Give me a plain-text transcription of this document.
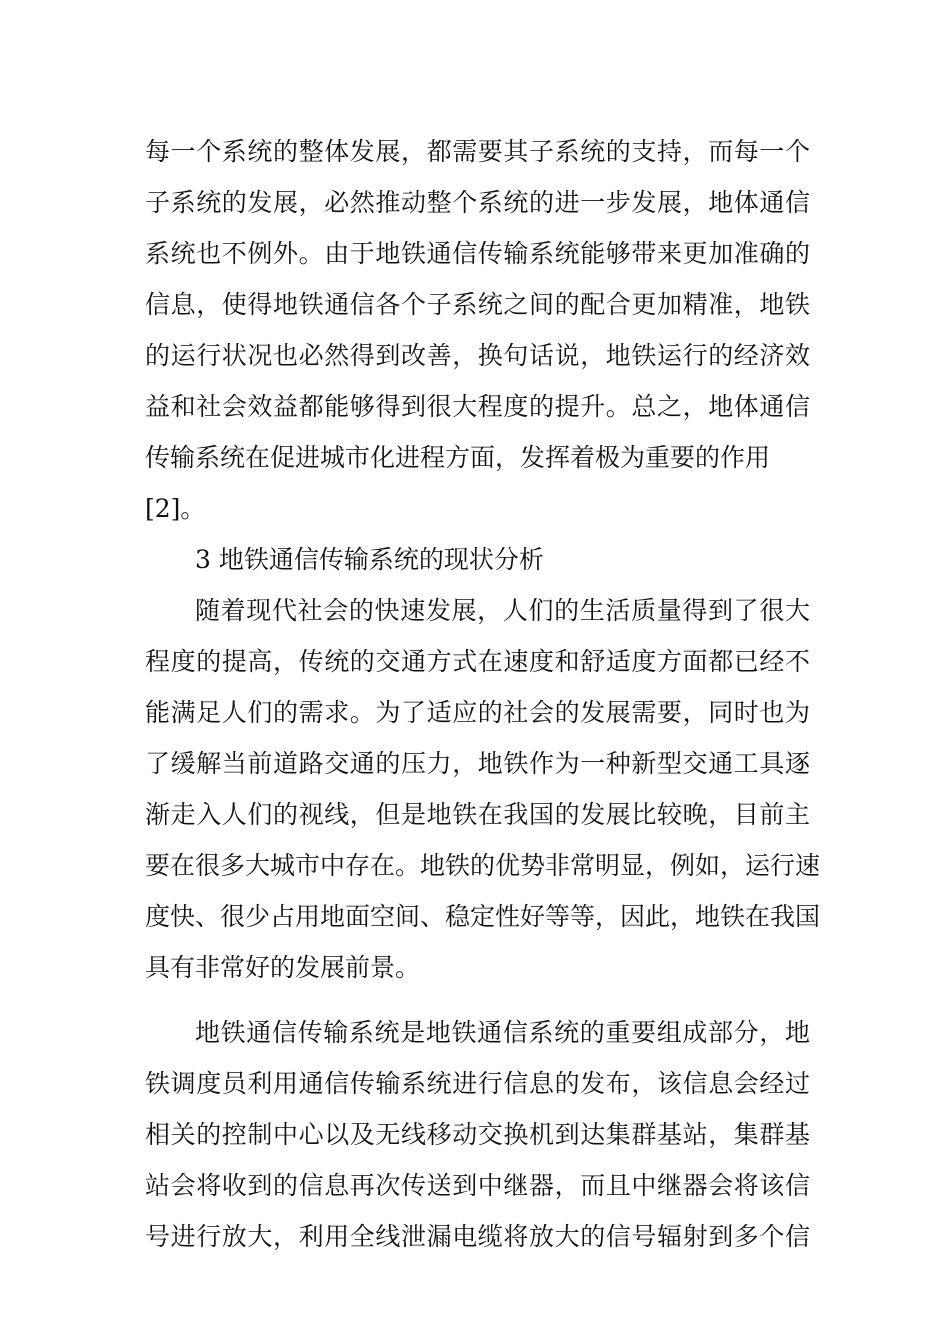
每一个系统的整体发展，都需要其子系统的支持，而每一个
子系统的发展，必然推动整个系统的进一步发展，地体通信
系统也不例外。由于地铁通信传输系统能够带来更加准确的
信息，使得地铁通信各个子系统之间的配合更加精准，地铁
的运行状况也必然得到改善，换句话说，地铁运行的经济效
益和社会效益都能够得到很大程度的提升。总之，地体通信
传输系统在促进城市化进程方面，发挥着极为重要的作用
[2]。
3 地铁通信传输系统的现状分析
随着现代社会的快速发展，人们的生活质量得到了很大
程度的提高，传统的交通方式在速度和舒适度方面都已经不
能满足人们的需求。为了适应的社会的发展需要，同时也为
了缓解当前道路交通的压力，地铁作为一种新型交通工具逐
渐走入人们的视线，但是地铁在我国的发展比较晚，目前主
要在很多大城市中存在。地铁的优势非常明显，例如，运行速
度快、很少占用地面空间、稳定性好等等，因此，地铁在我国
具有非常好的发展前景。
地铁通信传输系统是地铁通信系统的重要组成部分，地
铁调度员利用通信传输系统进行信息的发布，该信息会经过
相关的控制中心以及无线移动交换机到达集群基站，集群基
站会将收到的信息再次传送到中继器，而且中继器会将该信
号进行放大，利用全线泄漏电缆将放大的信号辐射到多个信
